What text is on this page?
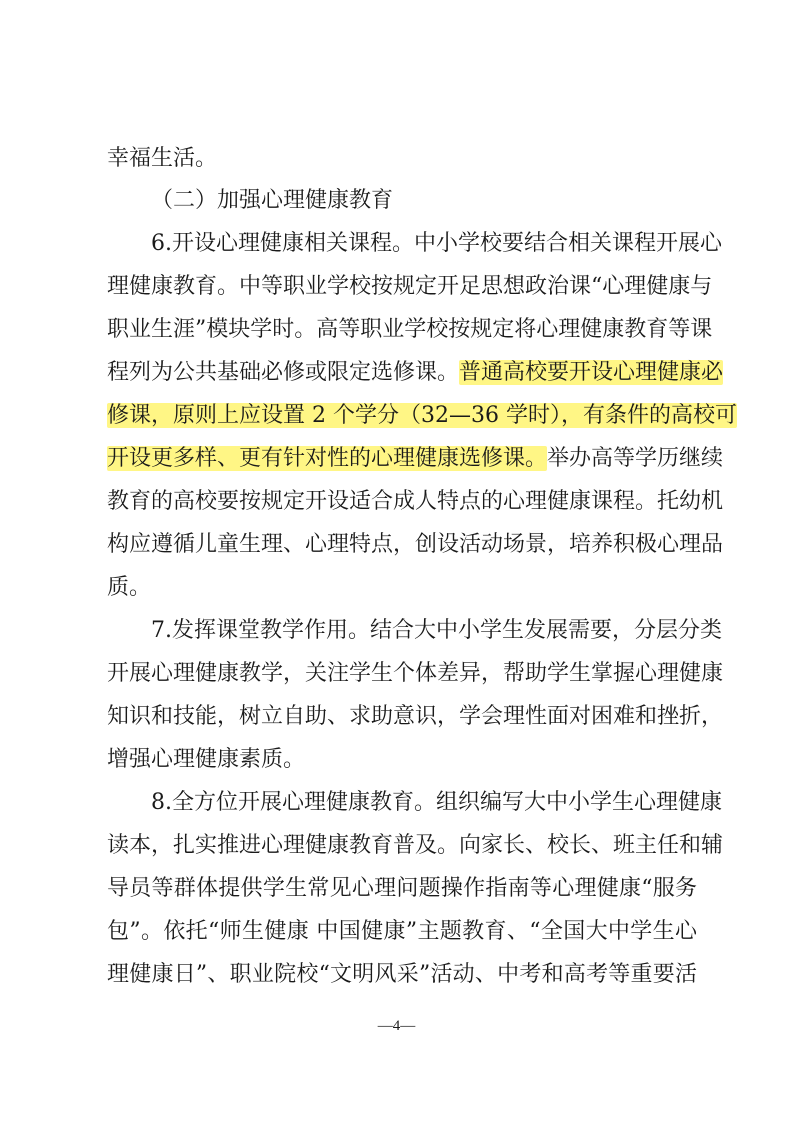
幸福生活。
（二）加强心理健康教育
6.开设心理健康相关课程。中小学校要结合相关课程开展心
理健康教育。中等职业学校按规定开足思想政治课“心理健康与
职业生涯”模块学时。高等职业学校按规定将心理健康教育等课
程列为公共基础必修或限定选修课。普通高校要开设心理健康必
修课，原则上应设置 2 个学分（32—36 学时），有条件的高校可
开设更多样、更有针对性的心理健康选修课。举办高等学历继续
教育的高校要按规定开设适合成人特点的心理健康课程。托幼机
构应遵循儿童生理、心理特点，创设活动场景，培养积极心理品
质。
7.发挥课堂教学作用。结合大中小学生发展需要，分层分类
开展心理健康教学，关注学生个体差异，帮助学生掌握心理健康
知识和技能，树立自助、求助意识，学会理性面对困难和挫折，
增强心理健康素质。
8.全方位开展心理健康教育。组织编写大中小学生心理健康
读本，扎实推进心理健康教育普及。向家长、校长、班主任和辅
导员等群体提供学生常见心理问题操作指南等心理健康“服务
包”。依托“师生健康 中国健康”主题教育、“全国大中学生心
理健康日”、职业院校“文明风采”活动、中考和高考等重要活
—4—
